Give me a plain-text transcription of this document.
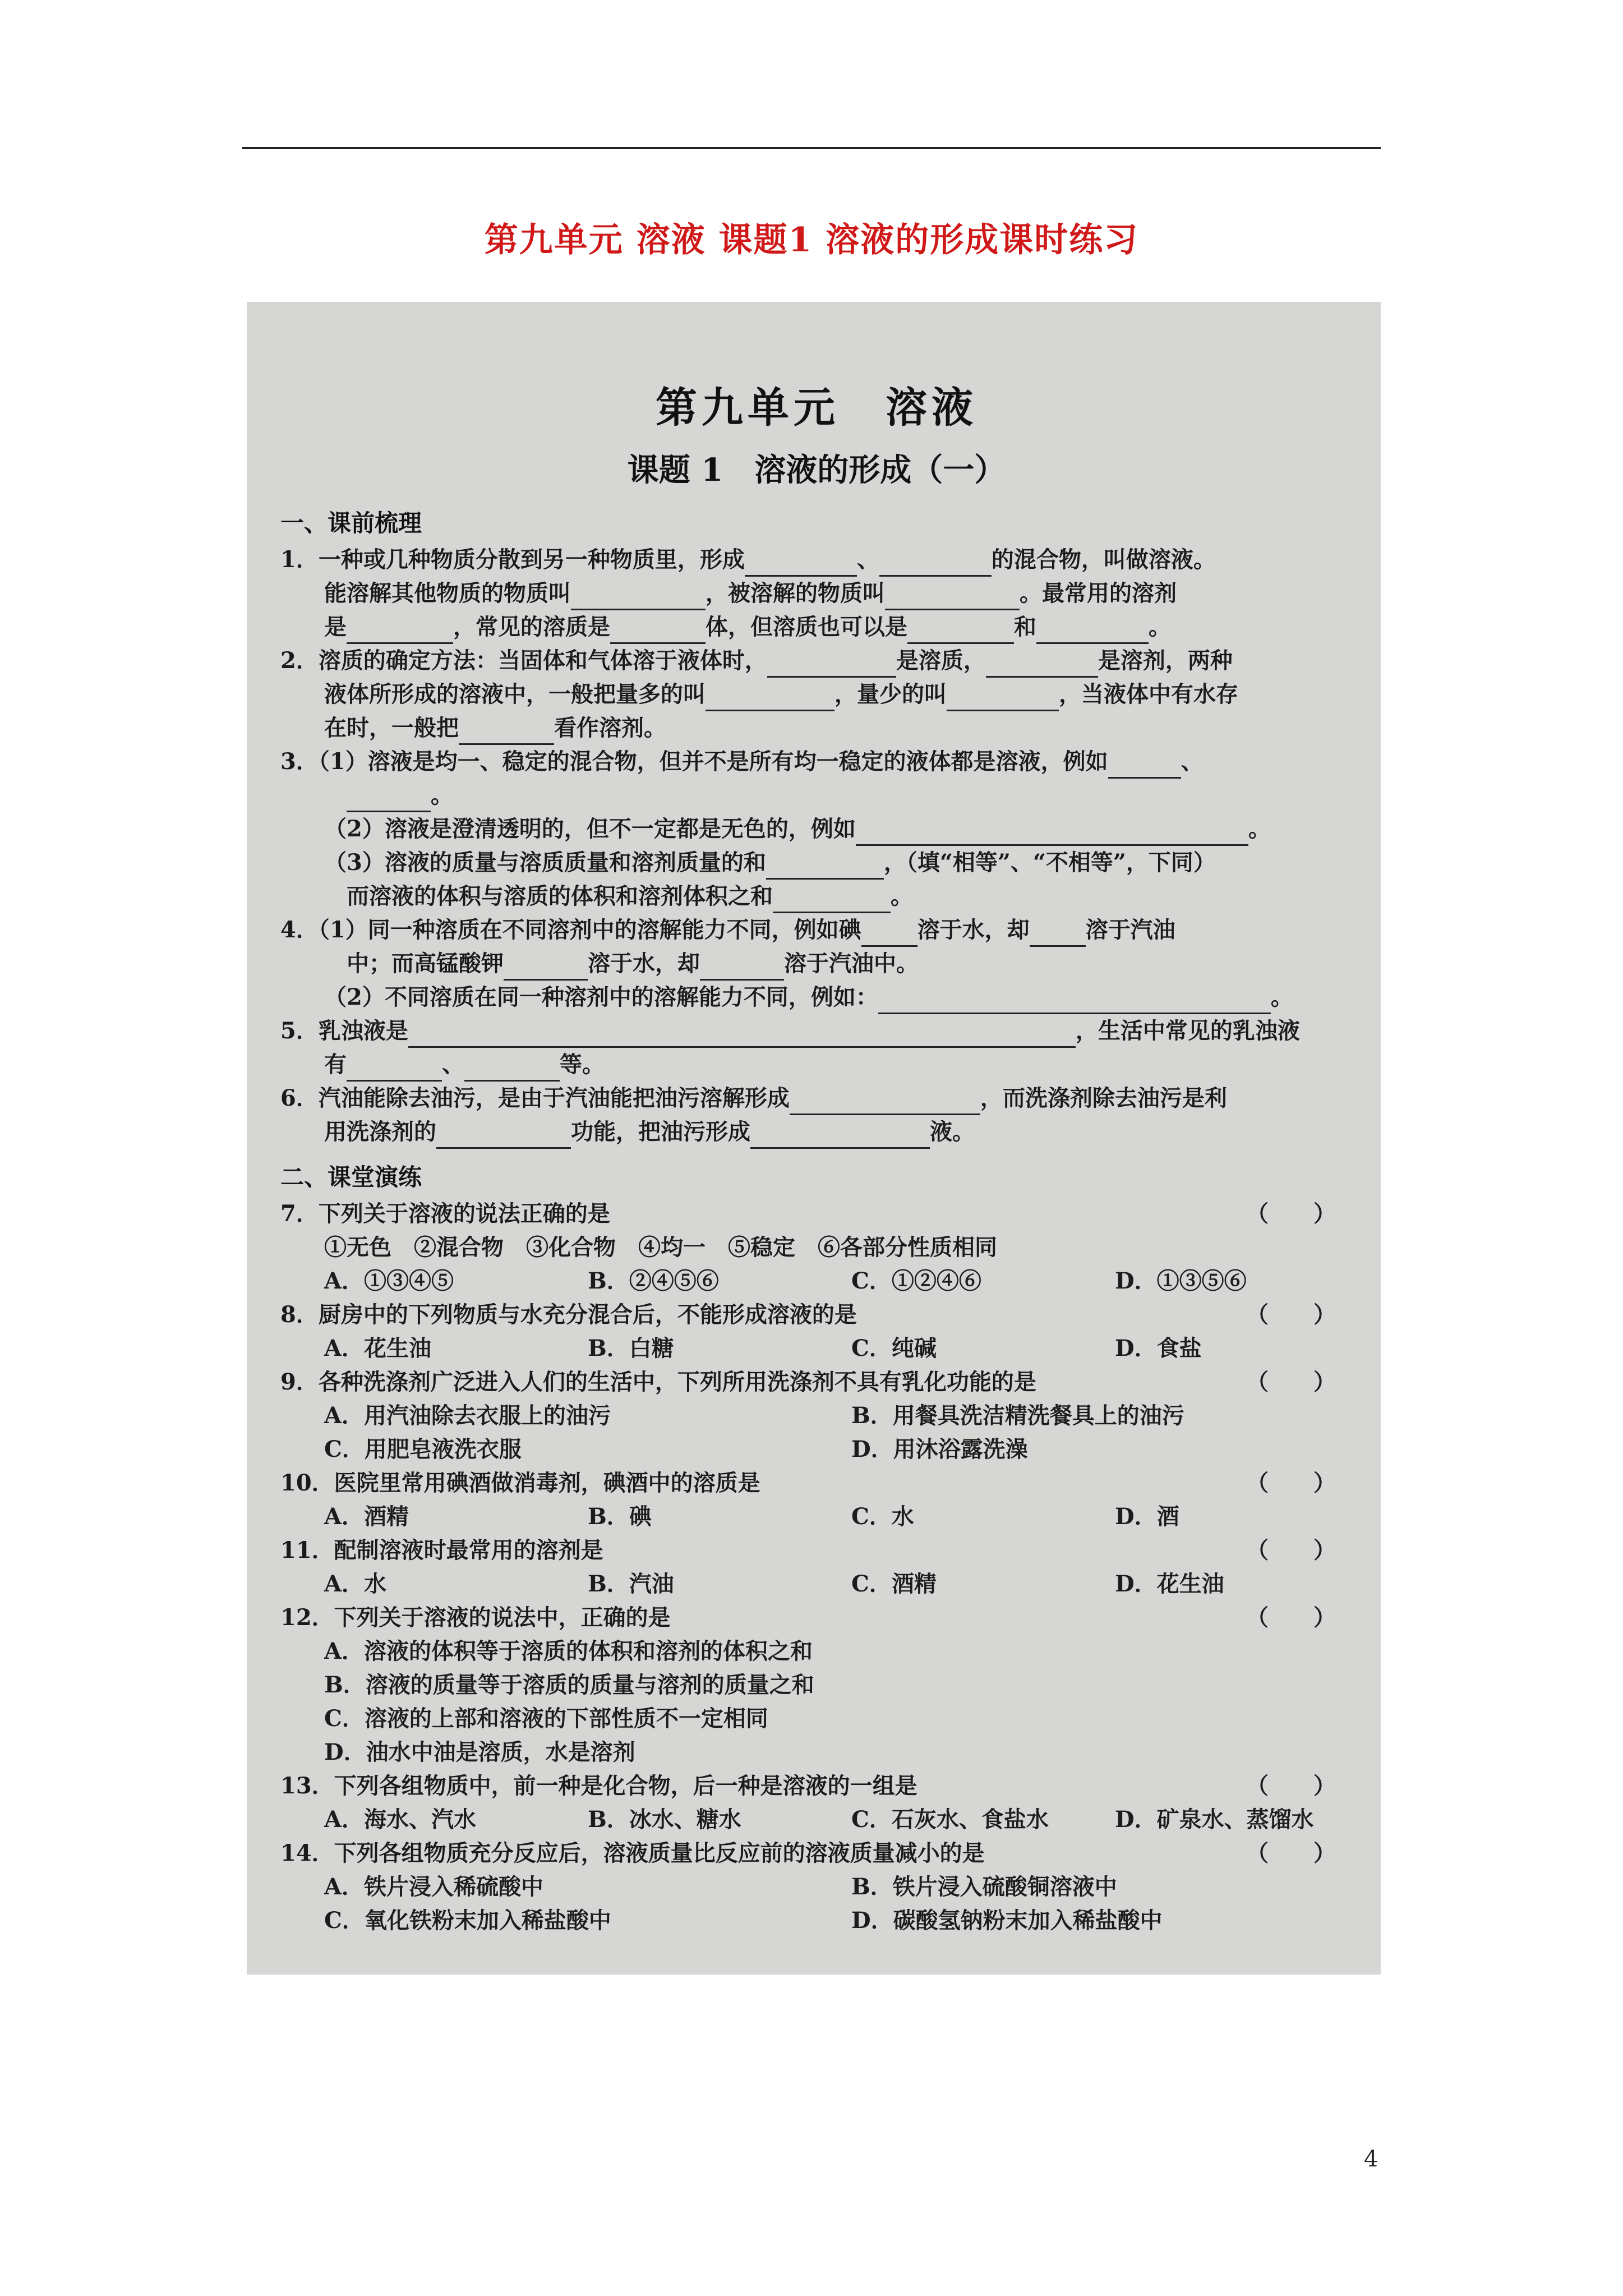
第九单元 溶液 课题1 溶液的形成课时练习
第九单元　溶液
课题 1　溶液的形成（一）
一、课前梳理
1．一种或几种物质分散到另一种物质里，形成	、	的混合物，叫做溶液。
能溶解其他物质的物质叫	，被溶解的物质叫	。最常用的溶剂
是	，常见的溶质是	体，但溶质也可以是	和	。
2．溶质的确定方法：当固体和气体溶于液体时，	是溶质，	是溶剂，两种
液体所形成的溶液中，一般把量多的叫	，量少的叫	，当液体中有水存
在时，一般把	看作溶剂。
3．（1）溶液是均一、稳定的混合物，但并不是所有均一稳定的液体都是溶液，例如	、
。
（2）溶液是澄清透明的，但不一定都是无色的，例如	。
（3）溶液的质量与溶质质量和溶剂质量的和	，（填“相等”、“不相等”，下同）
而溶液的体积与溶质的体积和溶剂体积之和	。
4．（1）同一种溶质在不同溶剂中的溶解能力不同，例如碘	溶于水，却	溶于汽油
中；而高锰酸钾	溶于水，却	溶于汽油中。
（2）不同溶质在同一种溶剂中的溶解能力不同，例如：	。
5．乳浊液是	，生活中常见的乳浊液
有	、	等。
6．汽油能除去油污，是由于汽油能把油污溶解形成	，而洗涤剂除去油污是利
用洗涤剂的	功能，把油污形成	液。
二、课堂演练
7．下列关于溶液的说法正确的是	（　　）
①无色　②混合物　③化合物　④均一　⑤稳定　⑥各部分性质相同
A．①③④⑤	B．②④⑤⑥	C．①②④⑥	D．①③⑤⑥
8．厨房中的下列物质与水充分混合后，不能形成溶液的是	（　　）
A．花生油	B．白糖	C．纯碱	D．食盐
9．各种洗涤剂广泛进入人们的生活中，下列所用洗涤剂不具有乳化功能的是	（　　）
A．用汽油除去衣服上的油污	B．用餐具洗洁精洗餐具上的油污
C．用肥皂液洗衣服	D．用沐浴露洗澡
10．医院里常用碘酒做消毒剂，碘酒中的溶质是	（　　）
A．酒精	B．碘	C．水	D．酒
11．配制溶液时最常用的溶剂是	（　　）
A．水	B．汽油	C．酒精	D．花生油
12．下列关于溶液的说法中，正确的是	（　　）
A．溶液的体积等于溶质的体积和溶剂的体积之和
B．溶液的质量等于溶质的质量与溶剂的质量之和
C．溶液的上部和溶液的下部性质不一定相同
D．油水中油是溶质，水是溶剂
13．下列各组物质中，前一种是化合物，后一种是溶液的一组是	（　　）
A．海水、汽水	B．冰水、糖水	C．石灰水、食盐水	D．矿泉水、蒸馏水
14．下列各组物质充分反应后，溶液质量比反应前的溶液质量减小的是	（　　）
A．铁片浸入稀硫酸中	B．铁片浸入硫酸铜溶液中
C．氧化铁粉末加入稀盐酸中	D．碳酸氢钠粉末加入稀盐酸中
4
